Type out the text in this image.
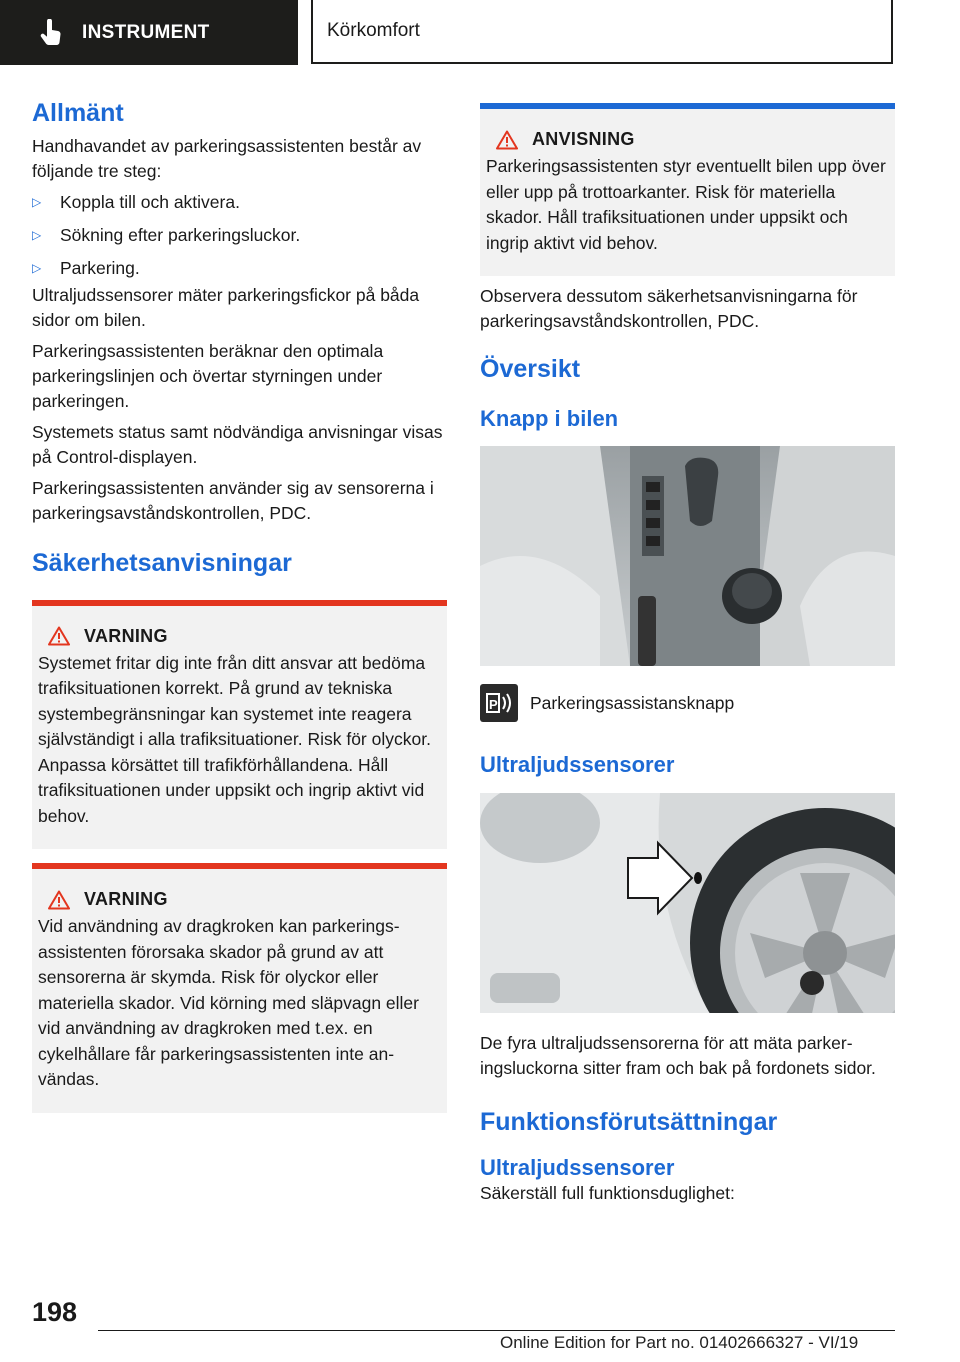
INSTRUMENT	Körkomfort
Allmänt

Handhavandet av parkeringsassistenten består av följande tre steg:

▷	Koppla till och aktivera.
▷	Sökning efter parkeringsluckor.
▷	Parkering.

Ultraljudssensorer mäter parkeringsfickor på båda sidor om bilen.

Parkeringsassistenten beräknar den optimala parkeringslinjen och övertar styrningen under parkeringen.

Systemets status samt nödvändiga anvisningar visas på Control-displayen.

Parkeringsassistenten använder sig av sensorerna i parkeringsavståndskontrollen, PDC.

Säkerhetsanvisningar
VARNING
Systemet fritar dig inte från ditt ansvar att bedöma trafiksituationen korrekt. På grund av tekniska systembegränsningar kan systemet inte reagera självständigt i alla trafiksituationer. Risk för olyckor. Anpassa körsättet till trafikförhållandena. Håll trafiksituationen under uppsikt och ingrip aktivt vid behov.
VARNING
Vid användning av dragkroken kan parkeringsassistenten förorsaka skador på grund av att sensorerna är skymda. Risk för olyckor eller materiella skador. Vid körning med släpvagn eller vid användning av dragkroken med t.ex. en cykelhållare får parkeringsassistenten inte användas.
ANVISNING
Parkeringsassistenten styr eventuellt bilen upp över eller upp på trottoarkanter. Risk för materiella skador. Håll trafiksituationen under uppsikt och ingrip aktivt vid behov.

Observera dessutom säkerhetsanvisningarna för parkeringsavståndskontrollen, PDC.

Översikt
Knapp i bilen
P Parkeringsassistansknapp
Ultraljudssensorer

De fyra ultraljudssensorerna för att mäta parkeringsluckorna sitter fram och bak på fordonets sidor.

Funktionsförutsättningar
Ultraljudssensorer

Säkerställ full funktionsduglighet:

198
Online Edition for Part no. 01402666327 - VI/19
